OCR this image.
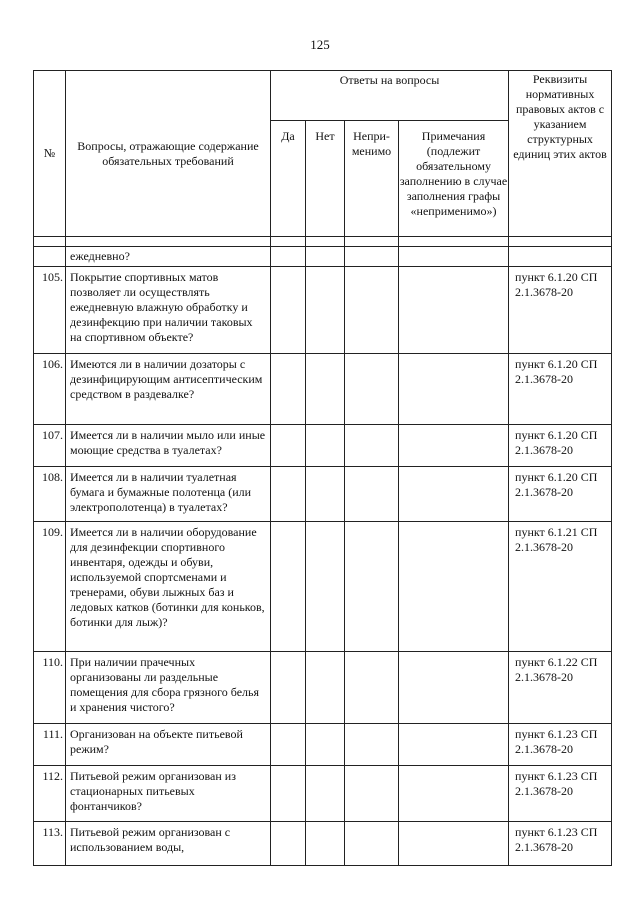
125
№	Вопросы, отражающие содержание обязательных требований	Ответы на вопросы				Реквизиты нормативных правовых актов с указанием структурных единиц этих актов
		Да	Нет	Непри-менимо	Примечания (подлежит обязательному заполнению в случае заполнения графы «неприменимо»)	

	ежедневно?					
105.	Покрытие спортивных матов позволяет ли осуществлять ежедневную влажную обработку и дезинфекцию при наличии таковых на спортивном объекте?					пункт 6.1.20 СП 2.1.3678-20
106.	Имеются ли в наличии дозаторы с дезинфицирующим антисептическим средством в раздевалке?					пункт 6.1.20 СП 2.1.3678-20
107.	Имеется ли в наличии мыло или иные моющие средства в туалетах?					пункт 6.1.20 СП 2.1.3678-20
108.	Имеется ли в наличии туалетная бумага и бумажные полотенца (или электрополотенца) в туалетах?					пункт 6.1.20 СП 2.1.3678-20
109.	Имеется ли в наличии оборудование для дезинфекции спортивного инвентаря, одежды и обуви, используемой спортсменами и тренерами, обуви лыжных баз и ледовых катков (ботинки для коньков, ботинки для лыж)?					пункт 6.1.21 СП 2.1.3678-20
110.	При наличии прачечных организованы ли раздельные помещения для сбора грязного белья и хранения чистого?					пункт 6.1.22 СП 2.1.3678-20
111.	Организован на объекте питьевой режим?					пункт 6.1.23 СП 2.1.3678-20
112.	Питьевой режим организован из стационарных питьевых фонтанчиков?					пункт 6.1.23 СП 2.1.3678-20
113.	Питьевой режим организован с использованием воды,					пункт 6.1.23 СП 2.1.3678-20
